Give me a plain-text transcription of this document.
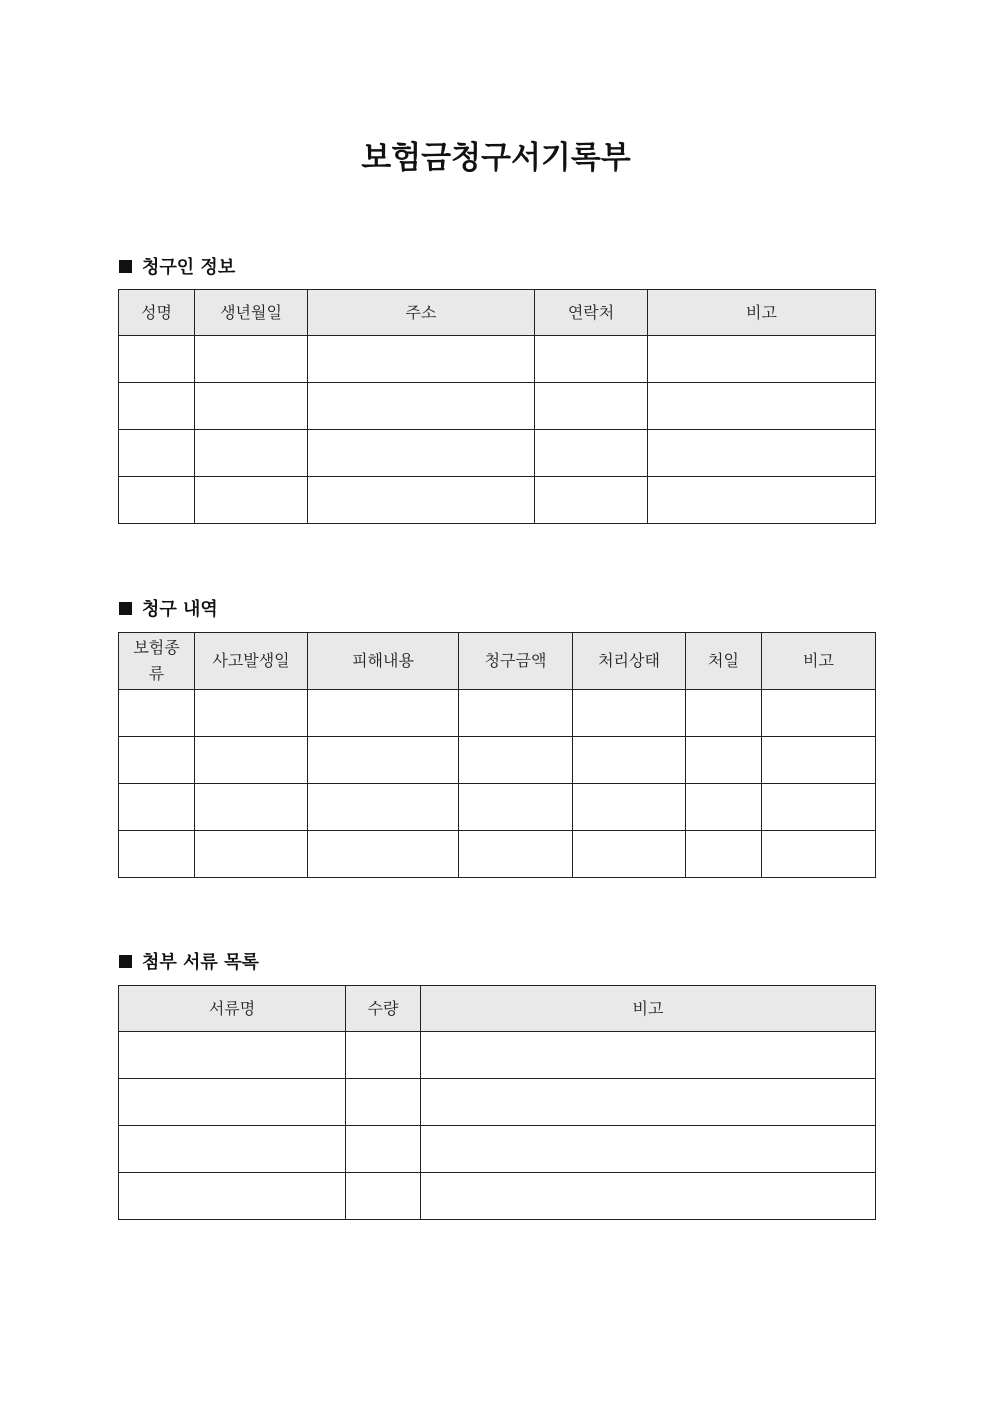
보험금청구서기록부
청구인 정보
성명	생년월일	주소	연락처	비고

청구 내역
보험종류	사고발생일	피해내용	청구금액	처리상태	처일	비고

첨부 서류 목록
서류명	수량	비고
